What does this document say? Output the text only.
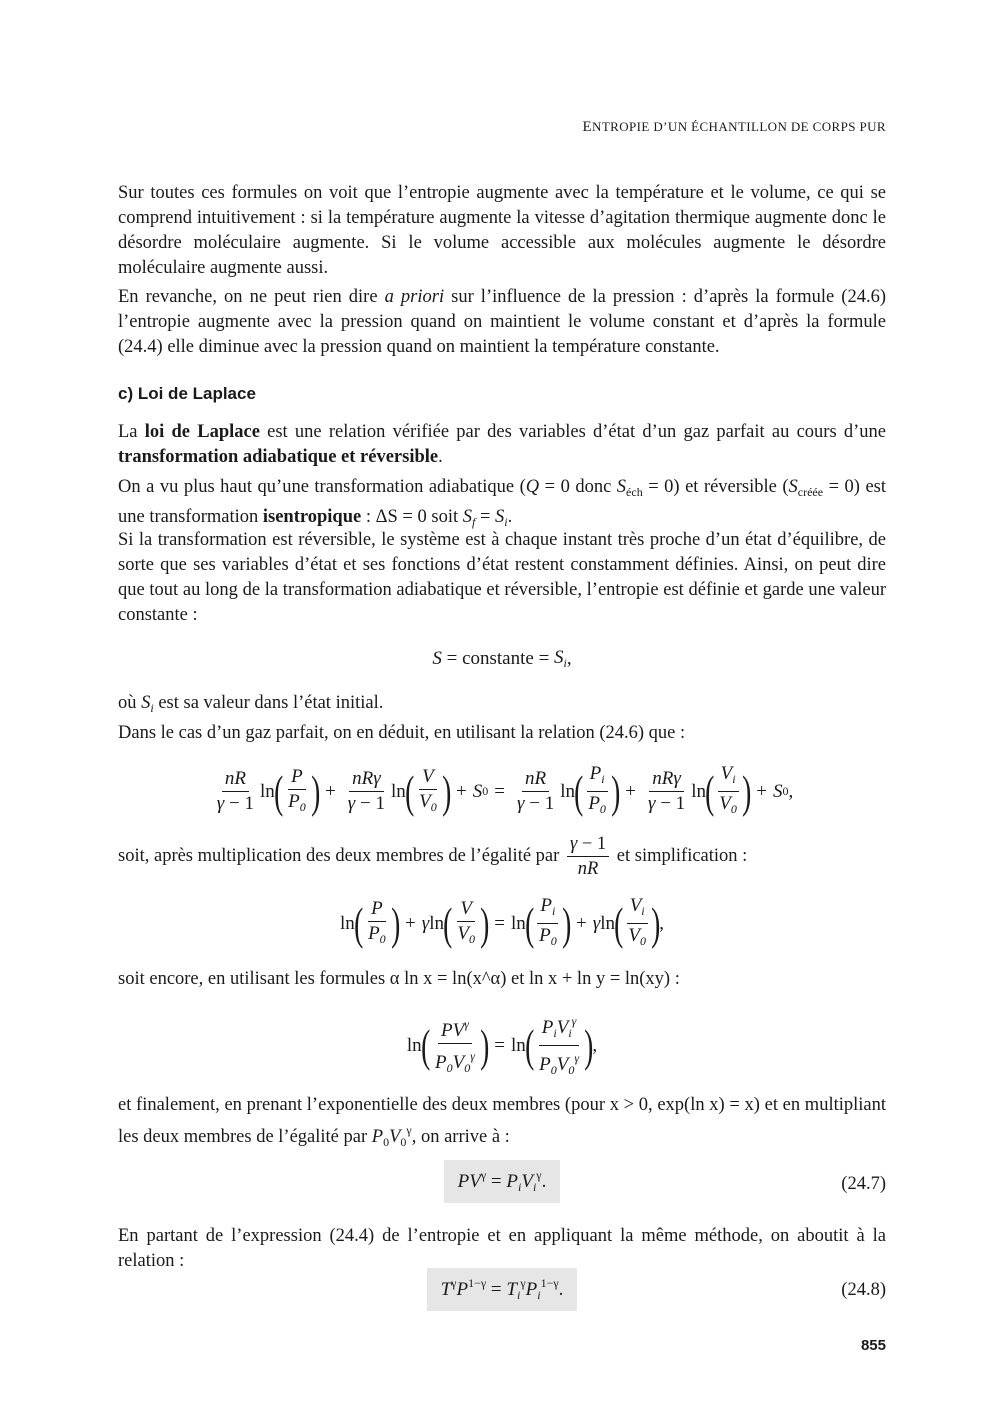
ENTROPIE D’UN ÉCHANTILLON DE CORPS PUR

Sur toutes ces formules on voit que l’entropie augmente avec la température et le volume, ce qui se comprend intuitivement : si la température augmente la vitesse d’agitation thermique augmente donc le désordre moléculaire augmente. Si le volume accessible aux molécules augmente le désordre moléculaire augmente aussi.

En revanche, on ne peut rien dire a priori sur l’influence de la pression : d’après la formule (24.6) l’entropie augmente avec la pression quand on maintient le volume constant et d’après la formule (24.4) elle diminue avec la pression quand on maintient la température constante.

c) Loi de Laplace

La loi de Laplace est une relation vérifiée par des variables d’état d’un gaz parfait au cours d’une transformation adiabatique et réversible.

On a vu plus haut qu’une transformation adiabatique (Q = 0 donc $S_{éch} = 0$) et réversible $(S_{créée} = 0)$ est une transformation isentropique : ΔS = 0 soit $S_f = S_i$.

Si la transformation est réversible, le système est à chaque instant très proche d’un état d’équilibre, de sorte que ses variables d’état et ses fonctions d’état restent constamment définies. Ainsi, on peut dire que tout au long de la transformation adiabatique et réversible, l’entropie est définie et garde une valeur constante :

S
= constante =
$S_i$ ,

où $S_i$ est sa valeur dans l’état initial.

Dans le cas d’un gaz parfait, on en déduit, en utilisant la relation (24.6) que :

$\frac{nR}{\gamma - 1}$ ln ( $\frac{P}{P_0}$ ) + $\frac{\text{nRγ}}{\gamma - 1}$ ln ( $\frac{V}{V_0}$ ) + S $0 = \frac{nR}{\gamma - 1}$ ln ( $\frac{P_i}{P_0}$ ) + $\frac{\text{nRγ}}{\gamma - 1}$ ln ( $\frac{V_i}{V_0}$ ) + S 0 ,

soit, après multiplication des deux membres de l’égalité par
$\frac{\gamma - 1}{nR}$
et simplification :

ln ( $\frac{P}{P_0}$ ) + γ ln ( $\frac{V}{V_0}$ ) = ln ( $\frac{P_i}{P_0}$ ) + γ ln ( $\frac{V_i}{V_0}$ ) ,

soit encore, en utilisant les formules α ln x = ln(x^α) et ln x + ln y = ln(xy) :

ln ( $\frac{PV^\gamma}{P_0V_0^\gamma}$ ) = ln ( $\frac{P_iV_i^\gamma}{P_0V_0^\gamma}$ ) ,

et finalement, en prenant l’exponentielle des deux membres (pour x > 0, exp(ln x) = x) et en multipliant les deux membres de l’égalité par $P_0V_0^\gamma$, on arrive à :

$PV^\gamma = P_iV_i^\gamma$.	(24.7)

En partant de l’expression (24.4) de l’entropie et en appliquant la même méthode, on aboutit à la relation :

$T^\gamma P^{1-\gamma} = T_i^\gamma P_i^{1-\gamma}$.	(24.8)
855
